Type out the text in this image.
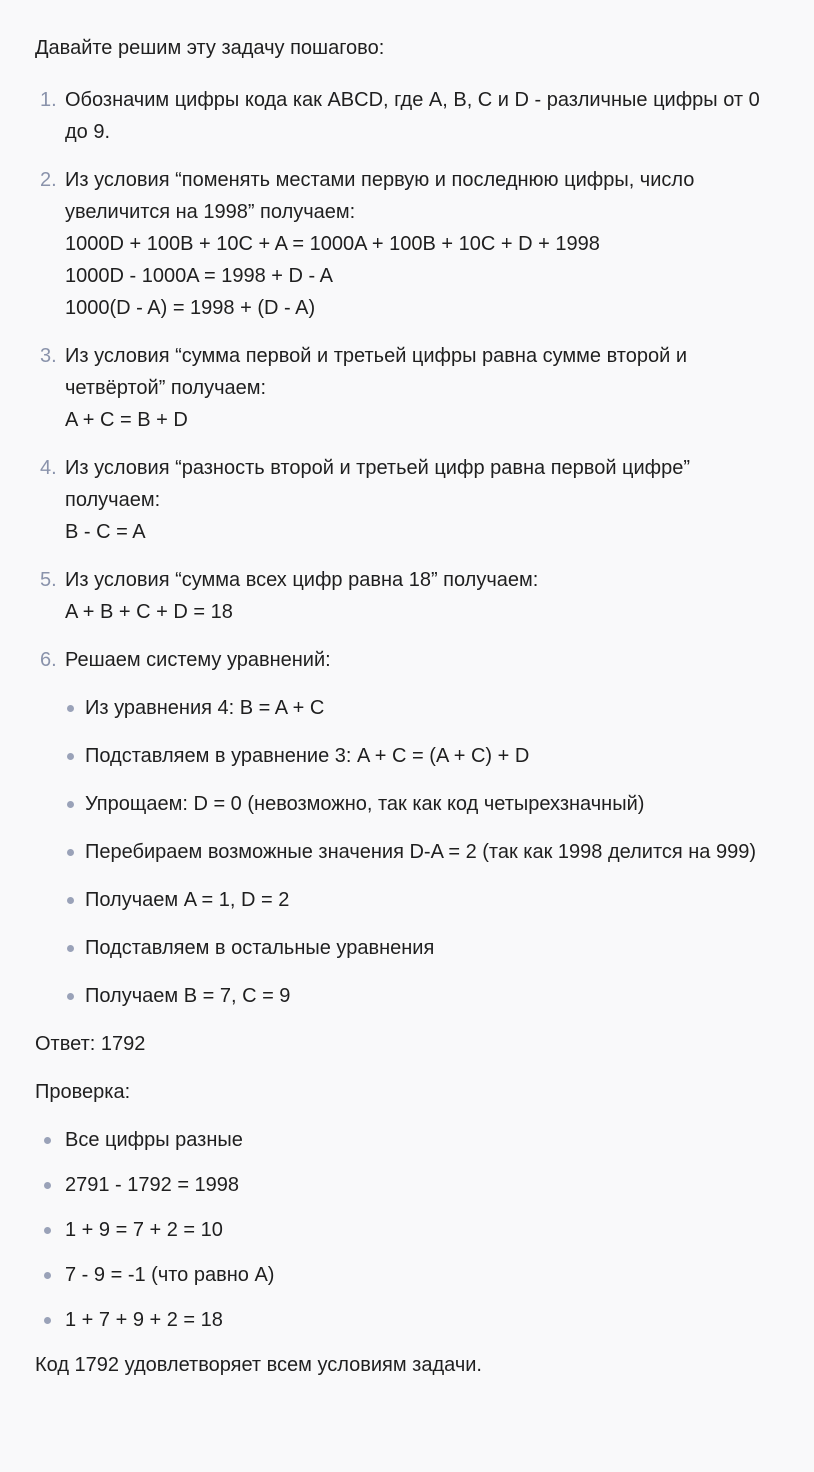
Давайте решим эту задачу пошагово:

1. Обозначим цифры кода как ABCD, где A, B, C и D - различные цифры от 0 до 9.
2. Из условия “поменять местами первую и последнюю цифры, число увеличится на 1998” получаем:
1000D + 100B + 10C + A = 1000A + 100B + 10C + D + 1998
1000D - 1000A = 1998 + D - A
1000(D - A) = 1998 + (D - A)
3. Из условия “сумма первой и третьей цифры равна сумме второй и четвёртой” получаем:
A + C = B + D
4. Из условия “разность второй и третьей цифр равна первой цифре” получаем:
B - C = A
5. Из условия “сумма всех цифр равна 18” получаем:
A + B + C + D = 18
6. Решаем систему уравнений:
Из уравнения 4: B = A + C
Подставляем в уравнение 3: A + C = (A + C) + D
Упрощаем: D = 0 (невозможно, так как код четырехзначный)
Перебираем возможные значения D-A = 2 (так как 1998 делится на 999)
Получаем A = 1, D = 2
Подставляем в остальные уравнения
Получаем B = 7, C = 9

Ответ: 1792

Проверка:

Все цифры разные
2791 - 1792 = 1998
1 + 9 = 7 + 2 = 10
7 - 9 = -1 (что равно A)
1 + 7 + 9 + 2 = 18

Код 1792 удовлетворяет всем условиям задачи.
